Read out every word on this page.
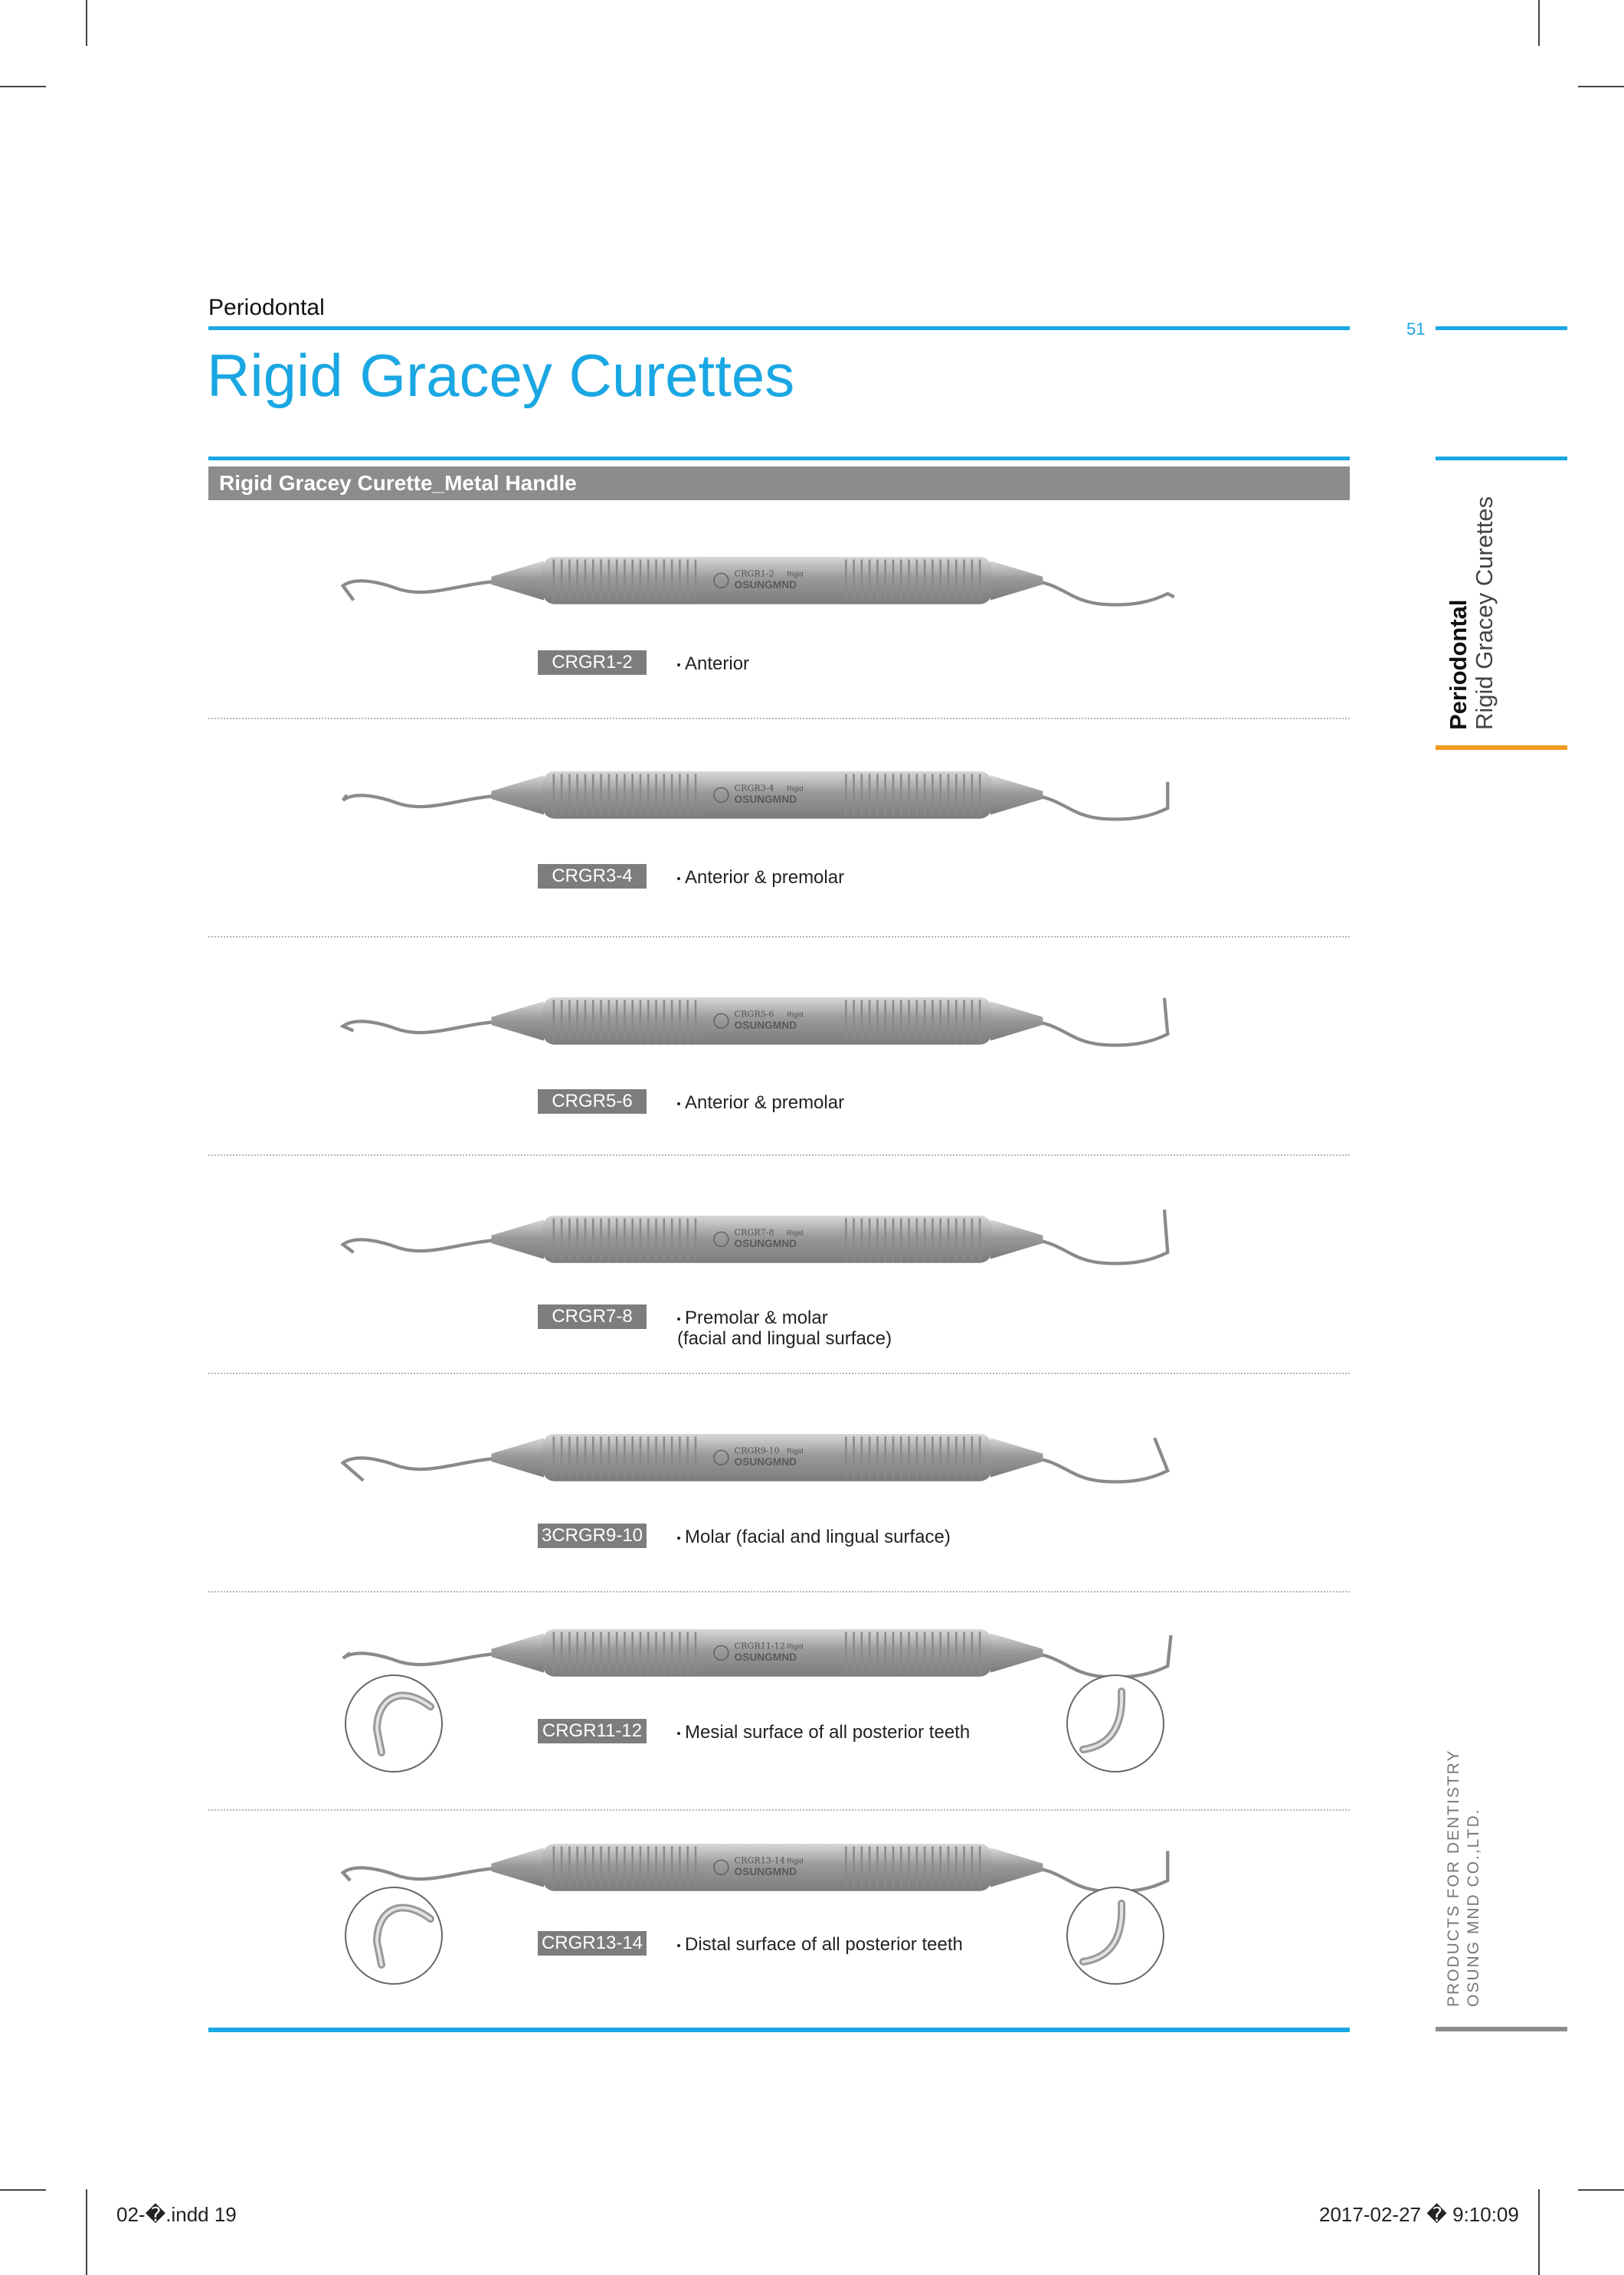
Periodontal
51
Rigid Gracey Curettes
Rigid Gracey Curette_Metal Handle
Periodontal Rigid Gracey Curettes
PRODUCTS FOR DENTISTRY OSUNG MND CO.,LTD.
CRGR1-2 Rigid
OSUNGMND
CRGR1-2	Anterior
CRGR3-4 Rigid
OSUNGMND
CRGR3-4	Anterior & premolar
CRGR5-6 Rigid
OSUNGMND
CRGR5-6	Anterior & premolar
CRGR7-8 Rigid
OSUNGMND
CRGR7-8	Premolar & molar
(facial and lingual surface)
CRGR9-10 Rigid
OSUNGMND
3CRGR9-10	Molar (facial and lingual surface)
CRGR11-12 Rigid
OSUNGMND
CRGR11-12	Mesial surface of all posterior teeth
CRGR13-14 Rigid
OSUNGMND
CRGR13-14	Distal surface of all posterior teeth
02-�.indd 19	2017-02-27 � 9:10:09
